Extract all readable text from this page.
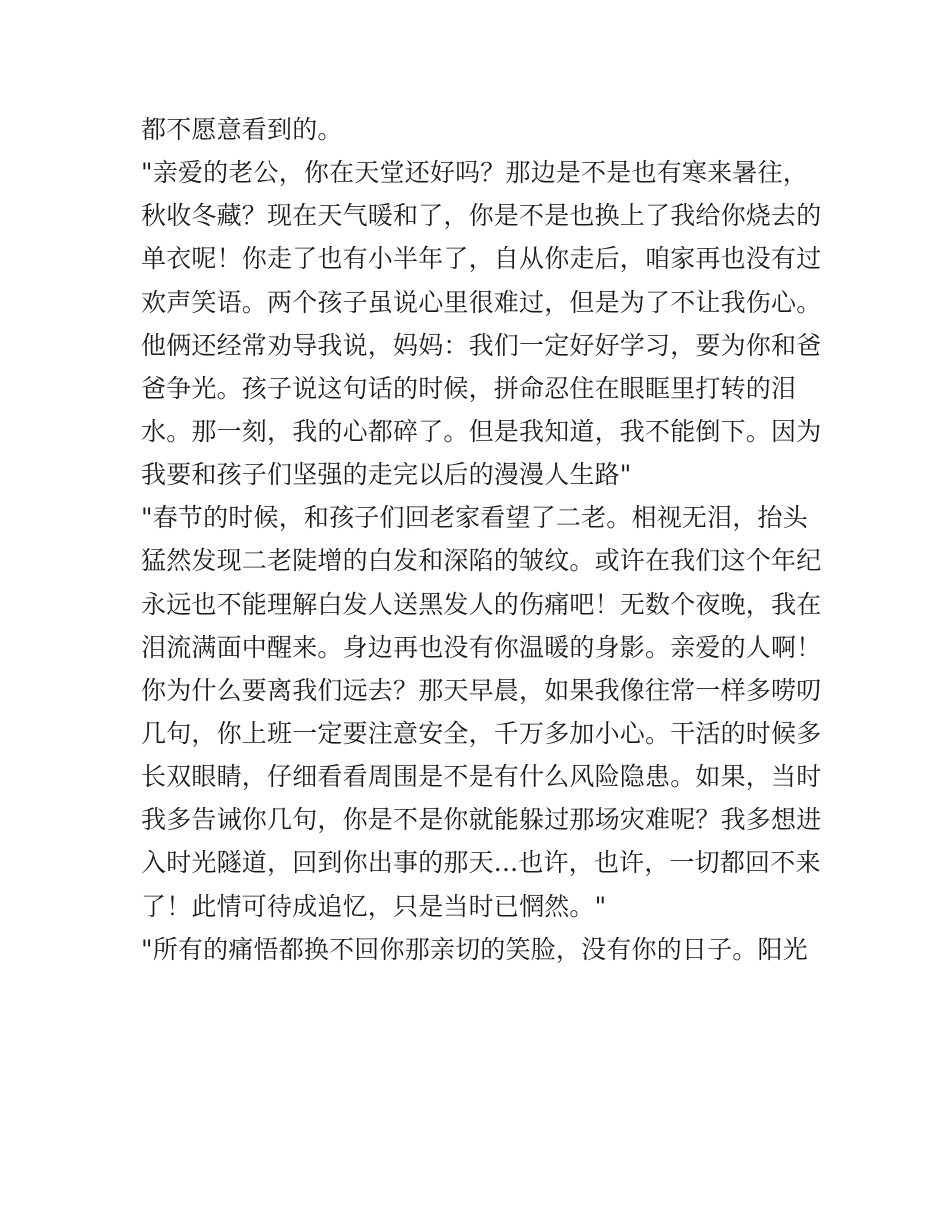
都不愿意看到的。
"亲爱的老公，你在天堂还好吗？那边是不是也有寒来暑往，
秋收冬藏？现在天气暖和了，你是不是也换上了我给你烧去的
单衣呢！你走了也有小半年了，自从你走后，咱家再也没有过
欢声笑语。两个孩子虽说心里很难过，但是为了不让我伤心。
他俩还经常劝导我说，妈妈：我们一定好好学习，要为你和爸
爸争光。孩子说这句话的时候，拼命忍住在眼眶里打转的泪
水。那一刻，我的心都碎了。但是我知道，我不能倒下。因为
我要和孩子们坚强的走完以后的漫漫人生路"
"春节的时候，和孩子们回老家看望了二老。相视无泪，抬头
猛然发现二老陡增的白发和深陷的皱纹。或许在我们这个年纪
永远也不能理解白发人送黑发人的伤痛吧！无数个夜晚，我在
泪流满面中醒来。身边再也没有你温暖的身影。亲爱的人啊！
你为什么要离我们远去？那天早晨，如果我像往常一样多唠叨
几句，你上班一定要注意安全，千万多加小心。干活的时候多
长双眼睛，仔细看看周围是不是有什么风险隐患。如果，当时
我多告诫你几句，你是不是你就能躲过那场灾难呢？我多想进
入时光隧道，回到你出事的那天...也许，也许，一切都回不来
了！此情可待成追忆，只是当时已惘然。"
"所有的痛悟都换不回你那亲切的笑脸，没有你的日子。阳光
